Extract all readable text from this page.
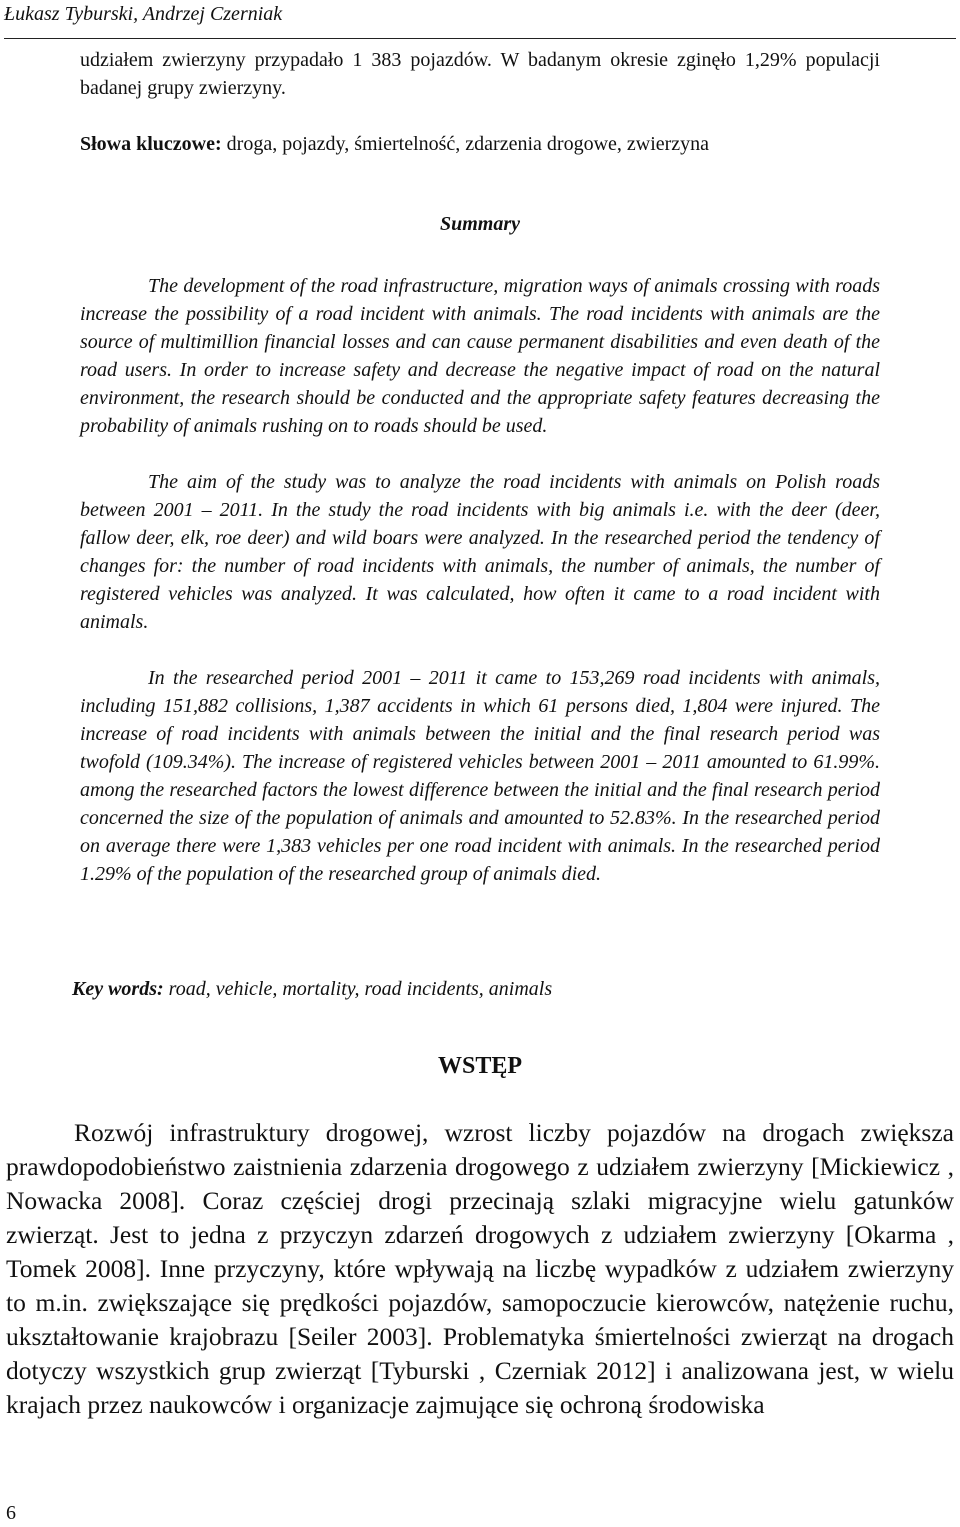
Łukasz Tyburski, Andrzej Czerniak

udziałem zwierzyny przypadało 1 383 pojazdów. W badanym okresie zginęło 1,29% populacji badanej grupy zwierzyny.

Słowa kluczowe: droga, pojazdy, śmiertelność, zdarzenia drogowe, zwierzyna

Summary

The development of the road infrastructure, migration ways of animals crossing with roads increase the possibility of a road incident with animals. The road incidents with animals are the source of multimillion financial losses and can cause permanent disabilities and even death of the road users. In order to increase safety and decrease the negative impact of road on the natural environment, the research should be conducted and the appropriate safety features decreasing the probability of animals rushing on to roads should be used.

The aim of the study was to analyze the road incidents with animals on Polish roads between 2001 – 2011. In the study the road incidents with big animals i.e. with the deer (deer, fallow deer, elk, roe deer) and wild boars were analyzed. In the researched period the tendency of changes for: the number of road incidents with animals, the number of animals, the number of registered vehicles was analyzed. It was calculated, how often it came to a road incident with animals.

In the researched period 2001 – 2011 it came to 153,269 road incidents with animals, including 151,882 collisions, 1,387 accidents in which 61 persons died, 1,804 were injured. The increase of road incidents with animals between the initial and the final research period was twofold (109.34%). The increase of registered vehicles between 2001 – 2011 amounted to 61.99%. among the researched factors the lowest difference between the initial and the final research period concerned the size of the population of animals and amounted to 52.83%. In the researched period on average there were 1,383 vehicles per one road incident with animals. In the researched period 1.29% of the population of the researched group of animals died.

Key words: road, vehicle, mortality, road incidents, animals
WSTĘP

Rozwój infrastruktury drogowej, wzrost liczby pojazdów na drogach zwiększa prawdopodobieństwo zaistnienia zdarzenia drogowego z udziałem zwierzyny [Mickiewicz , Nowacka 2008]. Coraz częściej drogi przecinają szlaki migracyjne wielu gatunków zwierząt. Jest to jedna z przyczyn zdarzeń drogowych z udziałem zwierzyny [Okarma , Tomek 2008]. Inne przyczyny, które wpływają na liczbę wypadków z udziałem zwierzyny to m.in. zwiększające się prędkości pojazdów, samopoczucie kierowców, natężenie ruchu, ukształtowanie krajobrazu [Seiler 2003]. Problematyka śmiertelności zwierząt na drogach dotyczy wszystkich grup zwierząt [Tyburski , Czerniak 2012] i analizowana jest, w wielu krajach przez naukowców i organizacje zajmujące się ochroną środowiska

6
